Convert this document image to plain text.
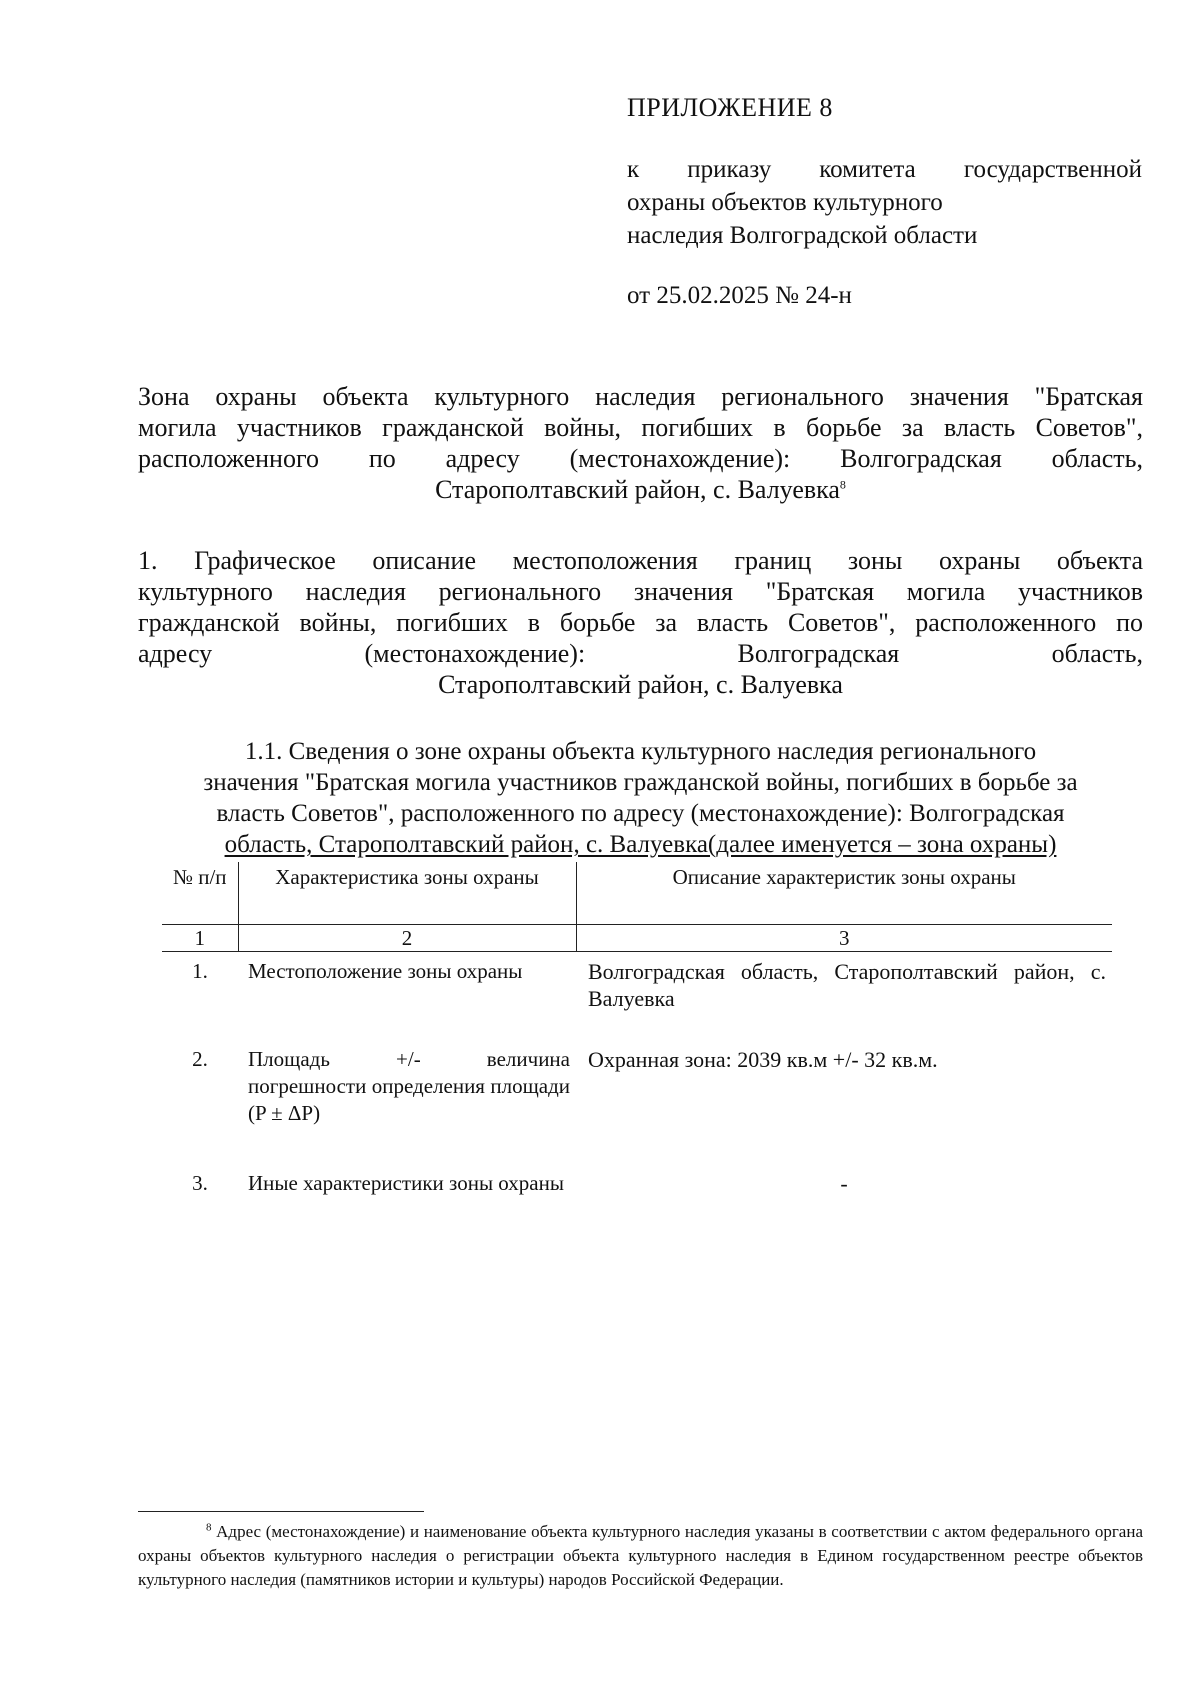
ПРИЛОЖЕНИЕ 8
к приказу комитета государственной
охраны объектов культурного
наследия Волгоградской области
от 25.02.2025 № 24-н
Зона охраны объекта культурного наследия регионального значения "Братская
могила участников гражданской войны, погибших в борьбе за власть Советов",
расположенного по адресу (местонахождение): Волгоградская область,
Старополтавский район, с. Валуевка$^8$
1. Графическое описание местоположения границ зоны охраны объекта
культурного наследия регионального значения "Братская могила участников
гражданской войны, погибших в борьбе за власть Советов", расположенного по
адресу (местонахождение): Волгоградская область,
Старополтавский район, с. Валуевка
1.1. Сведения о зоне охраны объекта культурного наследия регионального
значения "Братская могила участников гражданской войны, погибших в борьбе за
власть Советов", расположенного по адресу (местонахождение): Волгоградская
область, Старополтавский район, с. Валуевка(далее именуется – зона охраны)
№ п/п	Характеристика зоны охраны	Описание характеристик зоны охраны
1	2	3
1.	Местоположение зоны охраны	Волгоградская область, Старополтавский район, с. Валуевка
2.	Площадь +/- величина погрешности определения площади (P ± ΔP)	Охранная зона: 2039 кв.м +/- 32 кв.м.
3.	Иные характеристики зоны охраны	-
$^8$ Адрес (местонахождение) и наименование объекта культурного наследия указаны в соответствии с актом федерального органа охраны объектов культурного наследия о регистрации объекта культурного наследия в Едином государственном реестре объектов культурного наследия (памятников истории и культуры) народов Российской Федерации.
